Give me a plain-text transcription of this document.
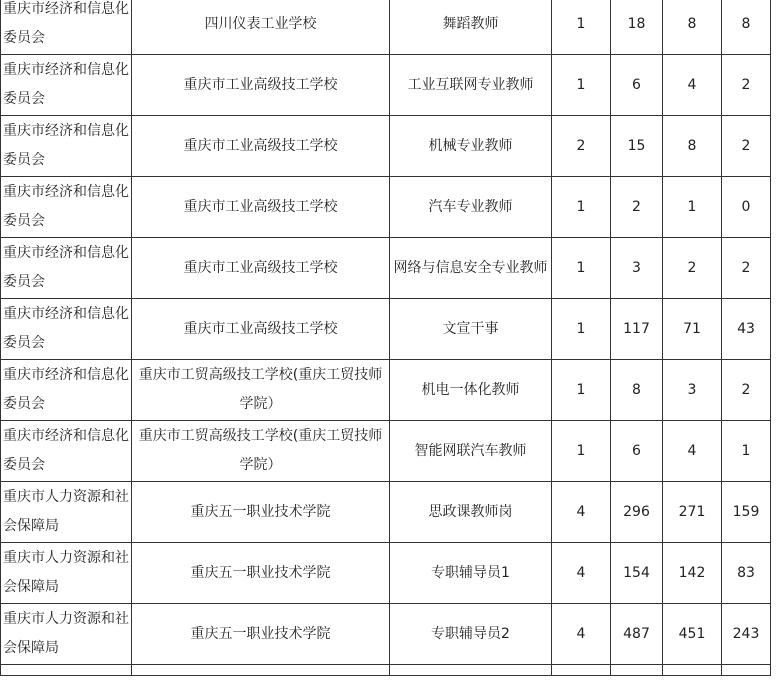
重庆市经济和信息化委员会	四川仪表工业学校	舞蹈教师	1	18	8	8
重庆市经济和信息化委员会	重庆市工业高级技工学校	工业互联网专业教师	1	6	4	2
重庆市经济和信息化委员会	重庆市工业高级技工学校	机械专业教师	2	15	8	2
重庆市经济和信息化委员会	重庆市工业高级技工学校	汽车专业教师	1	2	1	0
重庆市经济和信息化委员会	重庆市工业高级技工学校	网络与信息安全专业教师	1	3	2	2
重庆市经济和信息化委员会	重庆市工业高级技工学校	文宣干事	1	117	71	43
重庆市经济和信息化委员会	重庆市工贸高级技工学校(重庆工贸技师学院）	机电一体化教师	1	8	3	2
重庆市经济和信息化委员会	重庆市工贸高级技工学校(重庆工贸技师学院）	智能网联汽车教师	1	6	4	1
重庆市人力资源和社会保障局	重庆五一职业技术学院	思政课教师岗	4	296	271	159
重庆市人力资源和社会保障局	重庆五一职业技术学院	专职辅导员1	4	154	142	83
重庆市人力资源和社会保障局	重庆五一职业技术学院	专职辅导员2	4	487	451	243
